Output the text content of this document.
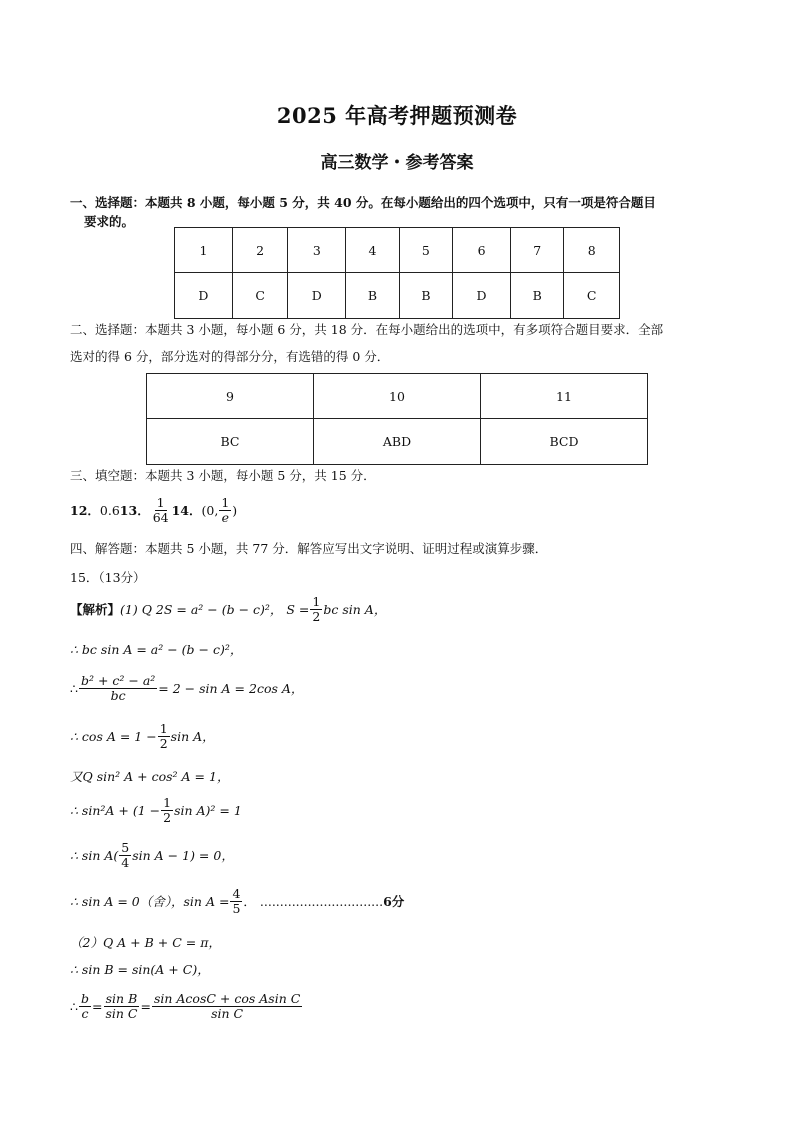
2025 年高考押题预测卷
高三数学・参考答案
一、选择题：本题共 8 小题，每小题 5 分，共 40 分。在每小题给出的四个选项中，只有一项是符合题目
要求的。
1	2	3	4	5	6	7	8
D	C	D	B	B	D	B	C
二、选择题：本题共 3 小题，每小题 6 分，共 18 分．在每小题给出的选项中，有多项符合题目要求．全部
选对的得 6 分，部分选对的得部分分，有选错的得 0 分．
9	10	11
BC	ABD	BCD
三、填空题：本题共 3 小题，每小题 5 分，共 15 分．
12． 0.6 13． $\frac{1}{64} 14$． (0, $\frac{1}{e}$ )
四、解答题：本题共 5 小题，共 77 分．解答应写出文字说明、证明过程或演算步骤．
15．（13分）
【解析】 (1) Q 2S = a² − (b − c)²， $S = \frac{1}{2}$ bc sin A，
∴ bc sin A = a² − (b − c)²，
∴ $\frac{\text{b² + c² − a²}}{bc} = 2 - \sin A = 2\cos$ A，
∴ $\cos A = 1 - \frac{1}{2}$ sin A，
又Q sin² A + cos² A = 1，
∴ $\sin^2A + (1 - \frac{1}{2}$ sin A)² = 1
∴ $\sin A( \frac{5}{4}$ sin A − 1) = 0，
∴ sin A = 0（舍），$\sin A = \frac{4}{5}$ ． ............................... 6分
（2）Q A + B + C = π，
∴ sin B = sin(A + C)，
∴ $\frac{b}{c} = \frac{\text{sin B}}{\text{sin C}} = \frac{\text{sin AcosC + cos Asin C}}{\text{sin C}}$
